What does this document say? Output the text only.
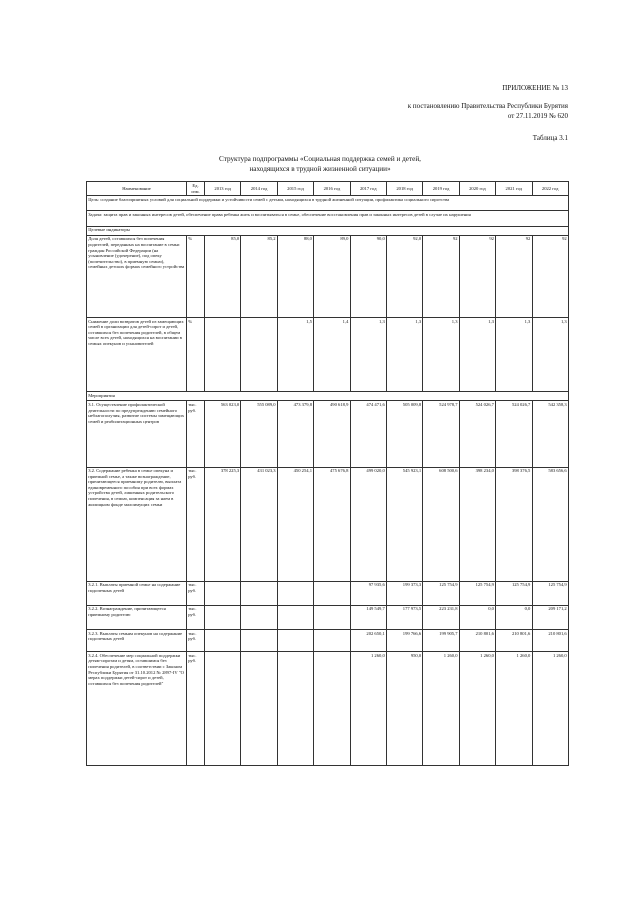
ПРИЛОЖЕНИЕ № 13
к постановлению Правительства Республики Бурятия
от 27.11.2019 № 620
Таблица 3.1
Структура подпрограммы «Социальная поддержка семей и детей,
находящихся в трудной жизненной ситуации»
Наименование	Ед. изм.	2013 год	2014 год	2015 год	2016 год	2017 год	2018 год	2019 год	2020 год	2021 год	2022 год
Цель: создание благоприятных условий для социальной поддержки и устойчивости семей с детьми, находящихся в трудной жизненной ситуации, профилактика социального сиротства											
Задача: защита прав и законных интересов детей, обеспечение права ребенка жить и воспитываться в семье, обеспечение восстановления прав и законных интересов детей в случае их нарушения											
Целевые индикаторы											
Доля детей, оставшихся без попечения родителей, переданных на воспитание в семьи граждан Российской Федерации (на усыновление (удочерение), под опеку (попечительство), в приемную семью), семейных детских формах семейного устройства	%	85,0	85,2	88,0	89,0	90,0	92,0	92	92	92	92
Снижение доли возвратов детей из замещающих семей в организации для детей-сирот и детей, оставшихся без попечения родителей, в общем числе всех детей, находящихся на воспитании в семьях опекунов и усыновителей	%			1,5	1,4	1,3	1,3	1,3	1,3	1,3	1,3
Мероприятия											
3.1. Осуществление профилактической деятельности по предупреждению семейного неблагополучия, развитие системы замещающих семей и реабилитационных центров	тыс. руб.	563 023,0	555 089,0	473 379,8	490 618,9	474 471,6	505 009,8	524 978,7	524 026,7	524 026,7	542 358,3
3.2. Содержание ребенка в семье опекуна и приемной семье, а также вознаграждение, причитающееся приемному родителю, выплата единовременного пособия при всех формах устройства детей, лишенных родительского попечения, в семью, компенсация за наем в жилищном фонде малоимущих семьи	тыс. руб.	378 225,3	431 023,3	450 254,1	475 676,8	499 020,0	545 923,1	608 500,6	398 234,0	398 376,5	583 656,6
3.2.1. Выплаты приемной семье на содержание подопечных детей	тыс. руб.					97 935,6	199 373,3	125 754,9	125 754,9	125 754,9	125 754,9
3.2.2. Вознаграждение, причитающееся приемному родителю	тыс. руб.					149 549,7	177 973,5	223 231,8	0,0	0,0	209 171,2
3.2.3. Выплаты семьям опекунов на содержание подопечных детей	тыс. руб.					202 650,1	199 766,6	199 905,7	210 801,6	210 801,6	210 801,6
3.2.4. Обеспечение мер социальной поддержки детям-сиротам и детям, оставшимся без попечения родителей, в соответствии с Законом Республики Бурятия от 31.10.2012 № 2897-IV "О мерах поддержки детей-сирот и детей, оставшихся без попечения родителей"	тыс. руб.					1 260,0	950,0	1 260,0	1 260,0	1 260,0	1 260,0
